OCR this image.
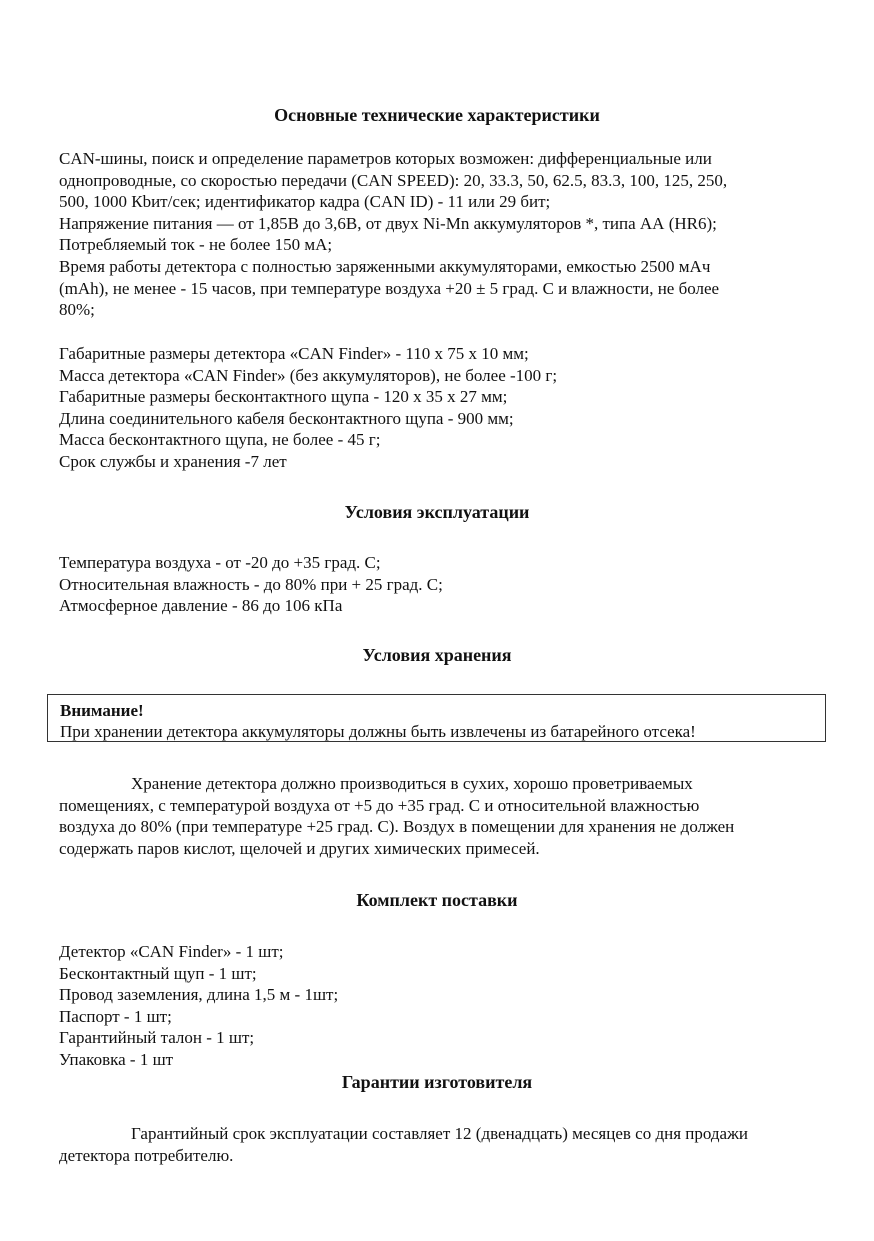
Основные технические характеристики
CAN-шины, поиск и определение параметров которых возможен: дифференциальные или
однопроводные, со скоростью передачи (CAN SPEED): 20, 33.3, 50, 62.5, 83.3, 100, 125, 250,
500, 1000 Кbит/сек; идентификатор кадра (CAN ID) - 11 или 29 бит;
Напряжение питания — от 1,85В до 3,6В, от двух Ni-Mn аккумуляторов *, типа АА (HR6);
Потребляемый ток - не более 150 мА;
Время работы детектора с полностью заряженными аккумуляторами, емкостью 2500 мАч
(mAh), не менее - 15 часов, при температуре воздуха +20 ± 5 град. С и влажности, не более
80%;
Габаритные размеры детектора «CAN Finder» - 110 х 75 х 10 мм;
Масса детектора «CAN Finder» (без аккумуляторов), не более -100 г;
Габаритные размеры бесконтактного щупа - 120 х 35 х 27 мм;
Длина соединительного кабеля бесконтактного щупа - 900 мм;
Масса бесконтактного щупа, не более - 45 г;
Срок службы и хранения -7 лет
Условия эксплуатации
Температура воздуха - от -20 до +35 град. С;
Относительная влажность - до 80% при + 25 град. С;
Атмосферное давление - 86 до 106 кПа
Условия хранения
Внимание!
При хранении детектора аккумуляторы должны быть извлечены из батарейного отсека!
Хранение детектора должно производиться в сухих, хорошо проветриваемых
помещениях, с температурой воздуха от +5 до +35 град. С и относительной влажностью
воздуха до 80% (при температуре +25 град. С). Воздух в помещении для хранения не должен
содержать паров кислот, щелочей и других химических примесей.
Комплект поставки
Детектор «CAN Finder» - 1 шт;
Бесконтактный щуп - 1 шт;
Провод заземления, длина 1,5 м - 1шт;
Паспорт - 1 шт;
Гарантийный талон - 1 шт;
Упаковка - 1 шт
Гарантии изготовителя
Гарантийный срок эксплуатации составляет 12 (двенадцать) месяцев со дня продажи
детектора потребителю.
